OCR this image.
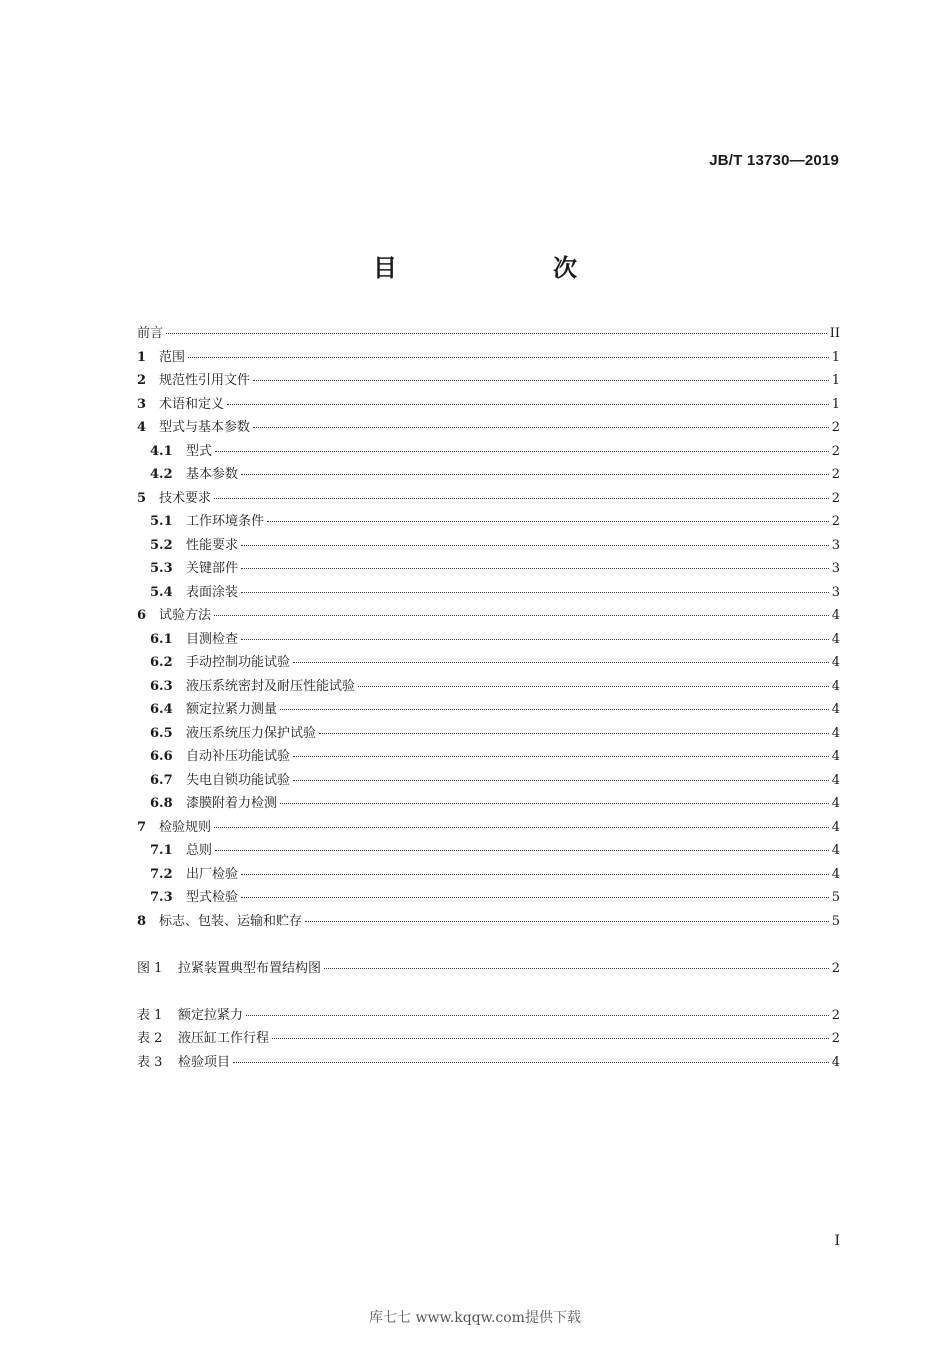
JB/T 13730—2019
目　　次
前言	II
1 范围	1
2 规范性引用文件	1
3 术语和定义	1
4 型式与基本参数	2
4.1	型式	2
4.2	基本参数	2
5 技术要求	2
5.1	工作环境条件	2
5.2	性能要求	3
5.3	关键部件	3
5.4	表面涂装	3
6 试验方法	4
6.1	目测检查	4
6.2	手动控制功能试验	4
6.3	液压系统密封及耐压性能试验	4
6.4	额定拉紧力测量	4
6.5	液压系统压力保护试验	4
6.6	自动补压功能试验	4
6.7	失电自锁功能试验	4
6.8	漆膜附着力检测	4
7 检验规则	4
7.1	总则	4
7.2	出厂检验	4
7.3	型式检验	5
8 标志、包装、运输和贮存	5
图 1	拉紧装置典型布置结构图	2
表 1	额定拉紧力	2
表 2	液压缸工作行程	2
表 3	检验项目	4
I
库七七 www.kqqw.com提供下载
